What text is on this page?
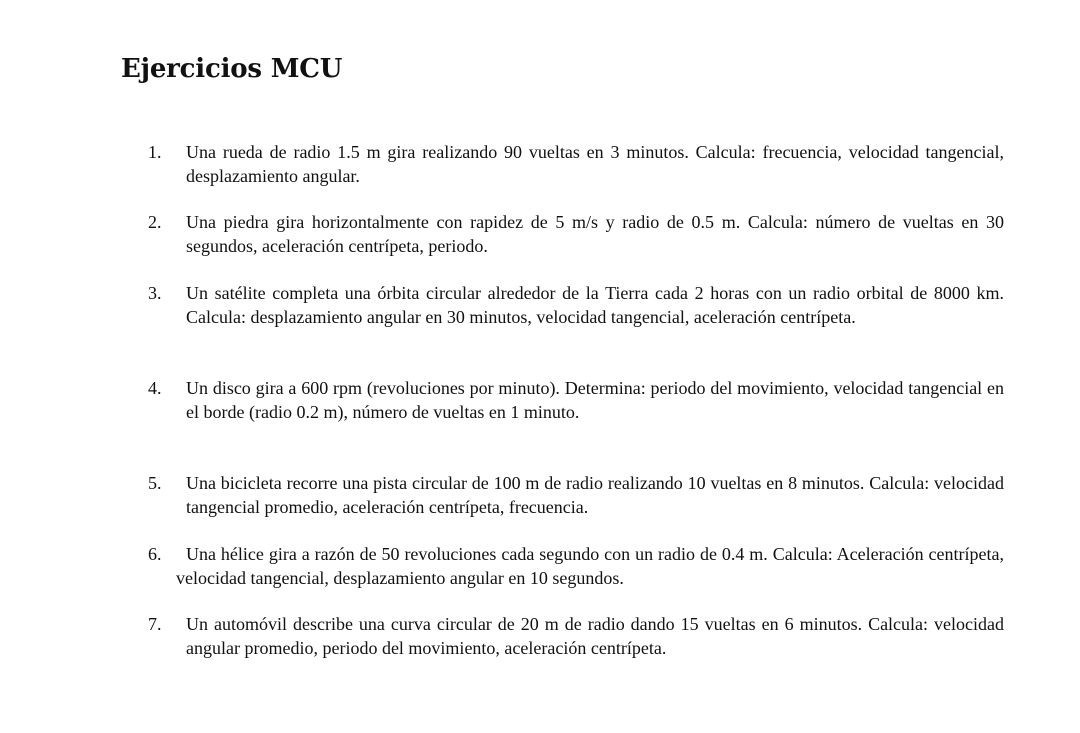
Ejercicios MCU
1. Una rueda de radio 1.5 m gira realizando 90 vueltas en 3 minutos. Calcula: frecuencia, velocidad tangencial, desplazamiento angular.

2. Una piedra gira horizontalmente con rapidez de 5 m/s y radio de 0.5 m. Calcula: número de vueltas en 30 segundos, aceleración centrípeta, periodo.

3. Un satélite completa una órbita circular alrededor de la Tierra cada 2 horas con un radio orbital de 8000 km. Calcula: desplazamiento angular en 30 minutos, velocidad tangencial, aceleración centrípeta.

4. Un disco gira a 600 rpm (revoluciones por minuto). Determina: periodo del movimiento, velocidad tangencial en el borde (radio 0.2 m), número de vueltas en 1 minuto.

5. Una bicicleta recorre una pista circular de 100 m de radio realizando 10 vueltas en 8 minutos. Calcula: velocidad tangencial promedio, aceleración centrípeta, frecuencia.

6.	Una hélice gira a razón de 50 revoluciones cada segundo con un radio de 0.4 m. Calcula: Aceleración centrípeta, velocidad tangencial, desplazamiento angular en 10 segundos.

7. Un automóvil describe una curva circular de 20 m de radio dando 15 vueltas en 6 minutos. Calcula: velocidad angular promedio, periodo del movimiento, aceleración centrípeta.
